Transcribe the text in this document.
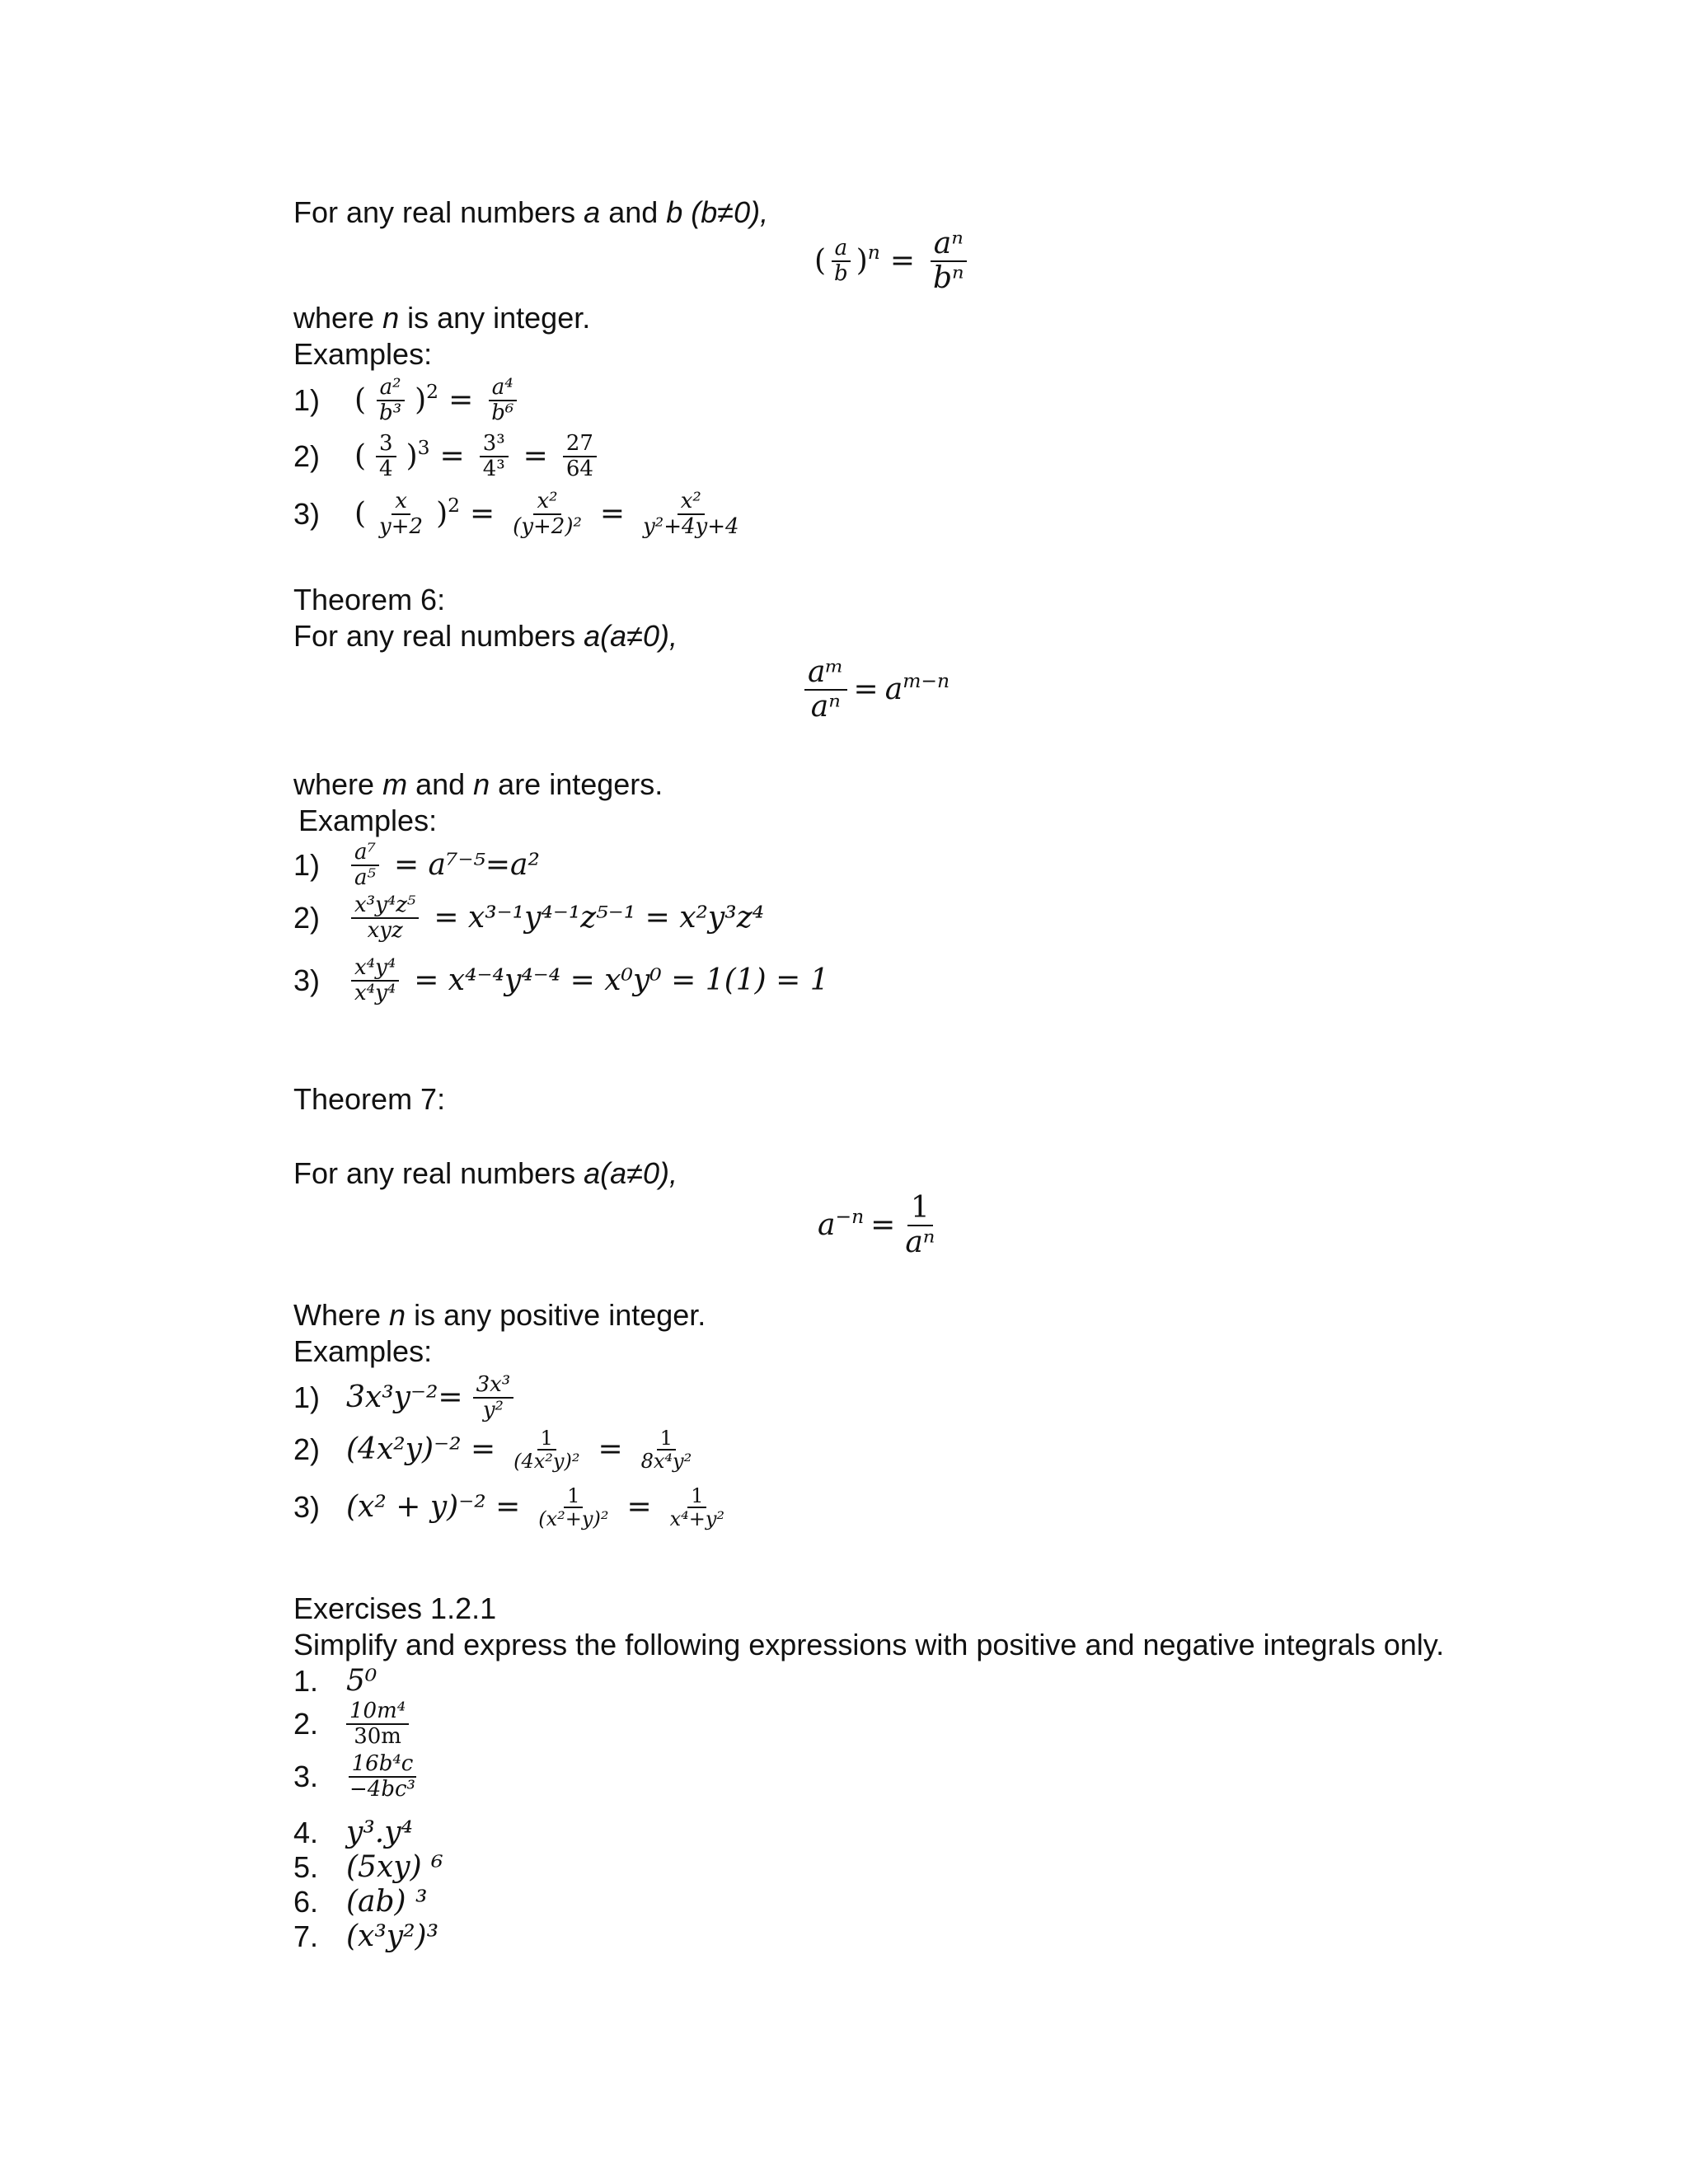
For any real numbers a and b (b≠0),
( $\frac{a}{b} )^n = \frac{\text{aⁿ}}{\text{bⁿ}}$
where n is any integer.
Examples:
1)	( $\frac{\text{a²}}{\text{b³}} )^2 = \frac{\text{a⁴}}{\text{b⁶}}$
2)	( $\frac{3}{4} )^3 = \frac{\text{3³}}{\text{4³}} = \frac{27}{64}$
3)	( $\frac{x}{y+2} )^2 = \frac{\text{x²}}{\text{(y+2)²}} = \frac{\text{x²}}{\text{y²+4y+4}}$
Theorem 6:
For any real numbers a(a≠0),
$\frac{\text{aᵐ}}{\text{aⁿ}} = a^{m-n}$
where m and n are integers.
Examples:
1)	$\frac{\text{a⁷}}{\text{a⁵}} = a^{7-5}=a^2$
2)	$\frac{\text{x³y⁴z⁵}}{\text{xyz}} = x^{3-1}y^{4-1}z^{5-1} = x^2y^3z^4$
3)	$\frac{\text{x⁴y⁴}}{\text{x⁴y⁴}} = x^{4-4}y^{4-4} = x^0y^0 = 1(1) = 1$
Theorem 7:
For any real numbers a(a≠0),
$a^{-n} = \frac{1}{\text{aⁿ}}$
Where n is any positive integer.
Examples:
1) $3x^3y^{-2}= \frac{\text{3x³}}{\text{y²}}$
2) $(4x^2y)^{-2} = \frac{1}{\text{(4x²y)²}} = \frac{1}{\text{8x⁴y²}}$
3) $(x^2 + y)^{-2} = \frac{1}{\text{(x²+y)²}} = \frac{1}{\text{x⁴+y²}}$
Exercises 1.2.1
Simplify and express the following expressions with positive and negative integrals only.
1. 5⁰
2.	$\frac{\text{10m⁴}}{30m}$
3.	$\frac{\text{16b⁴c}}{\text{−4bc³}}$
4. y³.y⁴
5. (5xy) ⁶
6. (ab) ³
7. (x³y²)³
